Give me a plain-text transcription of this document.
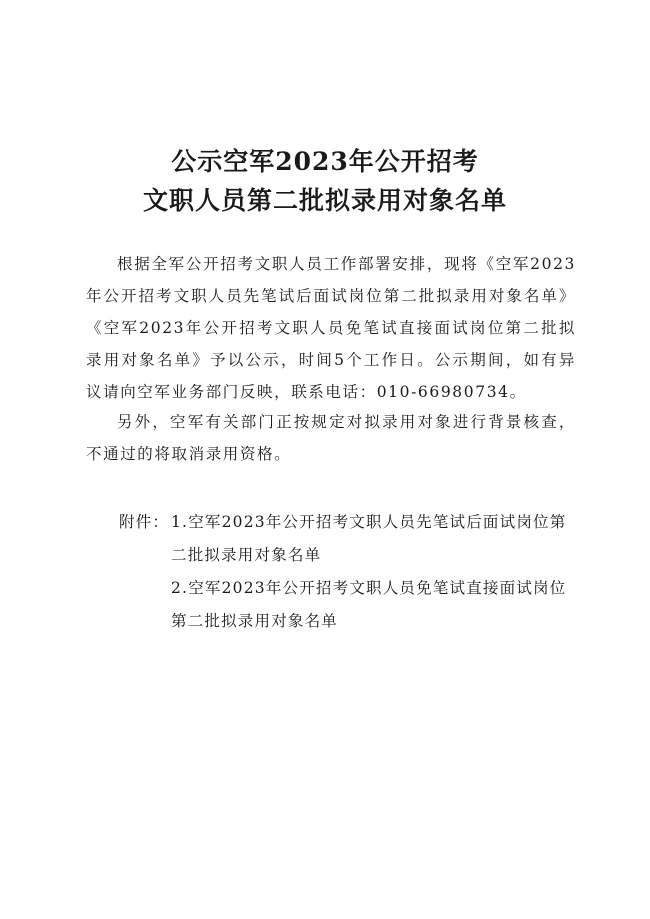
公示空军2023年公开招考
文职人员第二批拟录用对象名单

根据全军公开招考文职人员工作部署安排，现将《空军2023年公开招考文职人员先笔试后面试岗位第二批拟录用对象名单》《空军2023年公开招考文职人员免笔试直接面试岗位第二批拟录用对象名单》予以公示，时间5个工作日。公示期间，如有异议请向空军业务部门反映，联系电话：010-66980734。

另外，空军有关部门正按规定对拟录用对象进行背景核查，不通过的将取消录用资格。

附件： 1.空军2023年公开招考文职人员先笔试后面试岗位第二批拟录用对象名单
2.空军2023年公开招考文职人员免笔试直接面试岗位第二批拟录用对象名单
